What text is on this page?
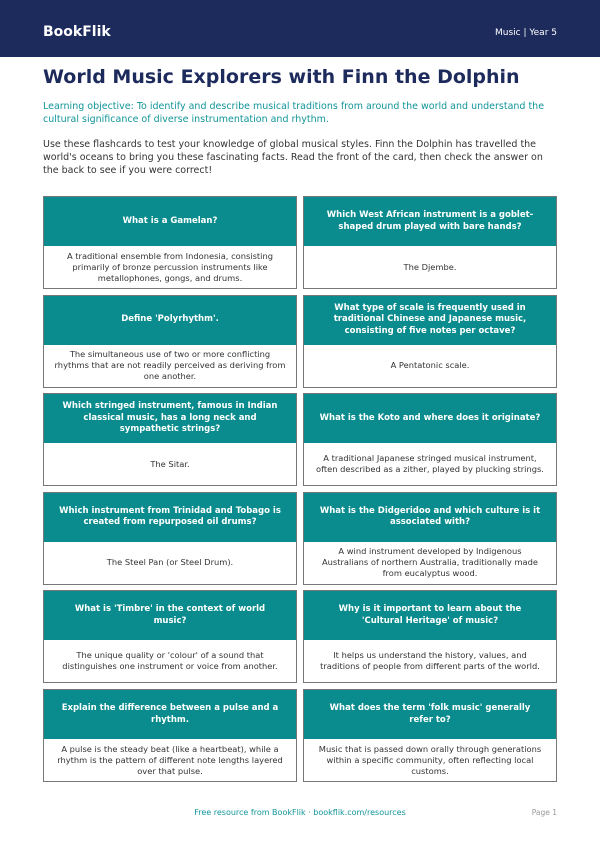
BookFlik	Music | Year 5
World Music Explorers with Finn the Dolphin

Learning objective: To identify and describe musical traditions from around the world and understand the cultural significance of diverse instrumentation and rhythm.

Use these flashcards to test your knowledge of global musical styles. Finn the Dolphin has travelled the world's oceans to bring you these fascinating facts. Read the front of the card, then check the answer on the back to see if you were correct!

What is a Gamelan?
A traditional ensemble from Indonesia, consisting primarily of bronze percussion instruments like metallophones, gongs, and drums.
Which West African instrument is a goblet-shaped drum played with bare hands?
The Djembe.
Define 'Polyrhythm'.
The simultaneous use of two or more conflicting rhythms that are not readily perceived as deriving from one another.
What type of scale is frequently used in traditional Chinese and Japanese music, consisting of five notes per octave?
A Pentatonic scale.
Which stringed instrument, famous in Indian classical music, has a long neck and sympathetic strings?
The Sitar.
What is the Koto and where does it originate?
A traditional Japanese stringed musical instrument, often described as a zither, played by plucking strings.
Which instrument from Trinidad and Tobago is created from repurposed oil drums?
The Steel Pan (or Steel Drum).
What is the Didgeridoo and which culture is it associated with?
A wind instrument developed by Indigenous Australians of northern Australia, traditionally made from eucalyptus wood.
What is 'Timbre' in the context of world music?
The unique quality or 'colour' of a sound that distinguishes one instrument or voice from another.
Why is it important to learn about the 'Cultural Heritage' of music?
It helps us understand the history, values, and traditions of people from different parts of the world.
Explain the difference between a pulse and a rhythm.
A pulse is the steady beat (like a heartbeat), while a rhythm is the pattern of different note lengths layered over that pulse.
What does the term 'folk music' generally refer to?
Music that is passed down orally through generations within a specific community, often reflecting local customs.
Free resource from BookFlik · bookflik.com/resources	Page 1
